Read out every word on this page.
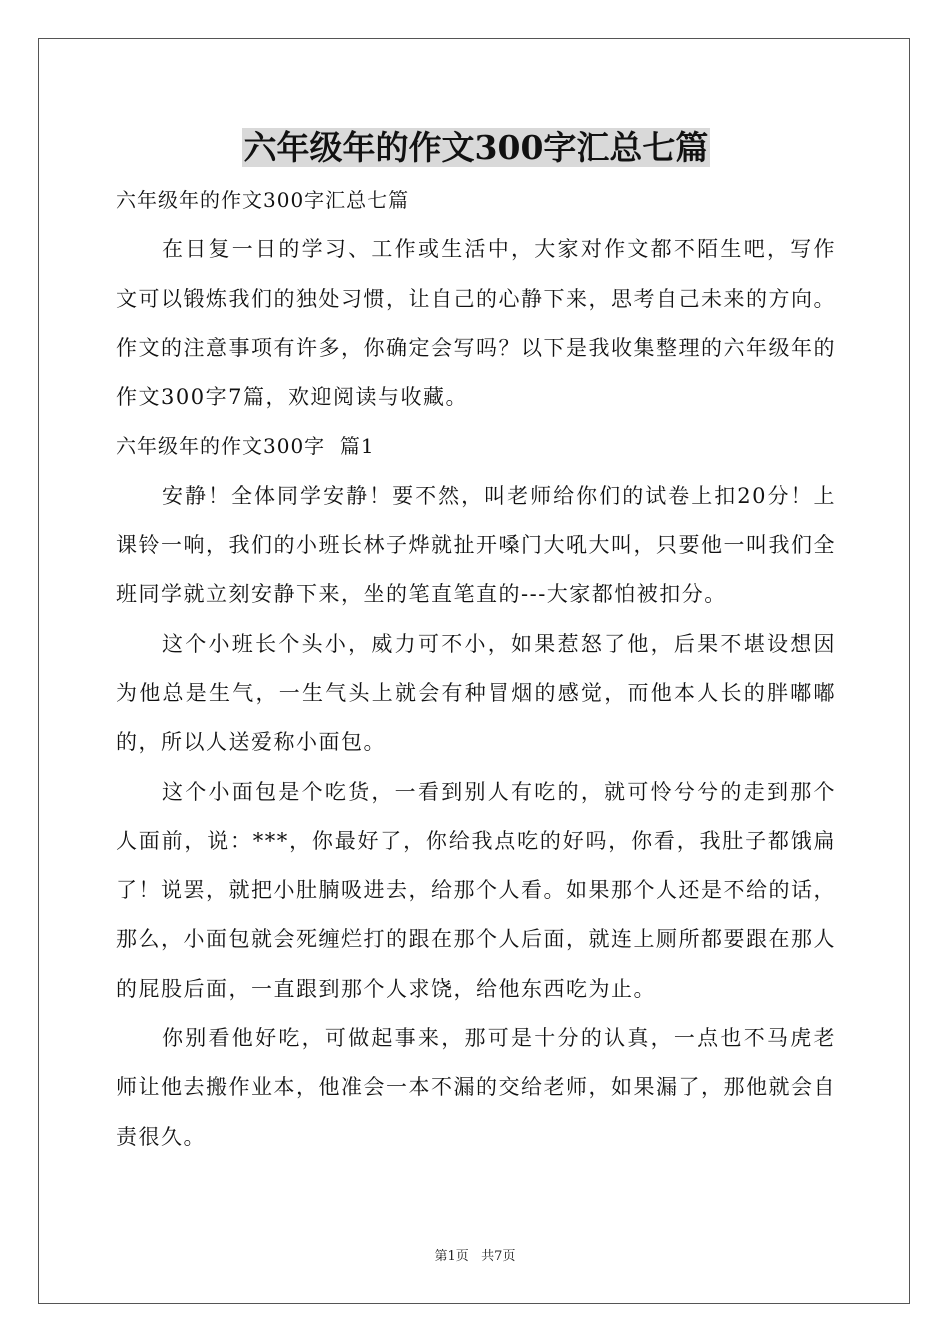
六年级年的作文300字汇总七篇

六年级年的作文300字汇总七篇

在日复一日的学习、工作或生活中，大家对作文都不陌生吧，写作文可以锻炼我们的独处习惯，让自己的心静下来，思考自己未来的方向。作文的注意事项有许多，你确定会写吗？以下是我收集整理的六年级年的作文300字7篇，欢迎阅读与收藏。

六年级年的作文300字  篇1

安静！全体同学安静！要不然，叫老师给你们的试卷上扣20分！上课铃一响，我们的小班长林子烨就扯开嗓门大吼大叫，只要他一叫我们全班同学就立刻安静下来，坐的笔直笔直的---大家都怕被扣分。

这个小班长个头小，威力可不小，如果惹怒了他，后果不堪设想因为他总是生气，一生气头上就会有种冒烟的感觉，而他本人长的胖嘟嘟的，所以人送爱称小面包。

这个小面包是个吃货，一看到别人有吃的，就可怜兮兮的走到那个人面前，说：***，你最好了，你给我点吃的好吗，你看，我肚子都饿扁了！说罢，就把小肚腩吸进去，给那个人看。如果那个人还是不给的话，那么，小面包就会死缠烂打的跟在那个人后面，就连上厕所都要跟在那人的屁股后面，一直跟到那个人求饶，给他东西吃为止。

你别看他好吃，可做起事来，那可是十分的认真，一点也不马虎老师让他去搬作业本，他准会一本不漏的交给老师，如果漏了，那他就会自责很久。

第1页   共7页
